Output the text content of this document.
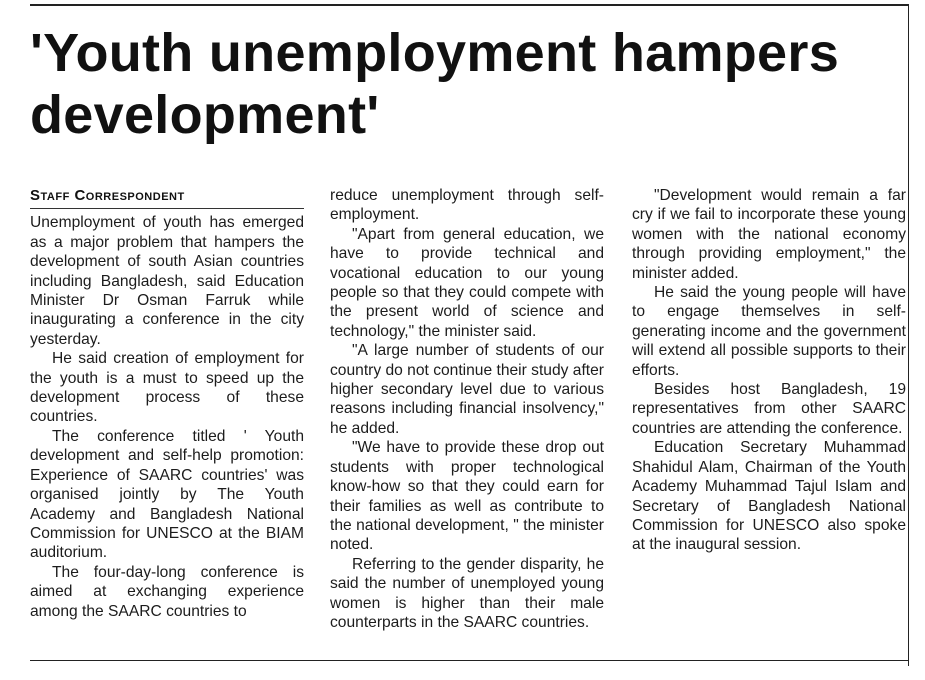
'Youth unemployment hampers development'
Staff Correspondent

Unemployment of youth has emerged as a major problem that hampers the development of south Asian countries including Bangladesh, said Education Minister Dr Osman Farruk while inaugurating a conference in the city yesterday.

He said creation of employment for the youth is a must to speed up the development process of these countries.

The conference titled ' Youth development and self-help promotion: Experience of SAARC countries' was organised jointly by The Youth Academy and Bangladesh National Commission for UNESCO at the BIAM auditorium.

The four-day-long conference is aimed at exchanging experience among the SAARC countries to

reduce unemployment through self-employment.

"Apart from general education, we have to provide technical and vocational education to our young people so that they could compete with the present world of science and technology," the minister said.

"A large number of students of our country do not continue their study after higher secondary level due to various reasons including financial insolvency," he added.

"We have to provide these drop out students with proper technological know-how so that they could earn for their families as well as contribute to the national development, " the minister noted.

Referring to the gender disparity, he said the number of unemployed young women is higher than their male counterparts in the SAARC countries.

"Development would remain a far cry if we fail to incorporate these young women with the national economy through providing employment," the minister added.

He said the young people will have to engage themselves in self-generating income and the government will extend all possible supports to their efforts.

Besides host Bangladesh, 19 representatives from other SAARC countries are attending the conference.

Education Secretary Muhammad Shahidul Alam, Chairman of the Youth Academy Muhammad Tajul Islam and Secretary of Bangladesh National Commission for UNESCO also spoke at the inaugural session.
